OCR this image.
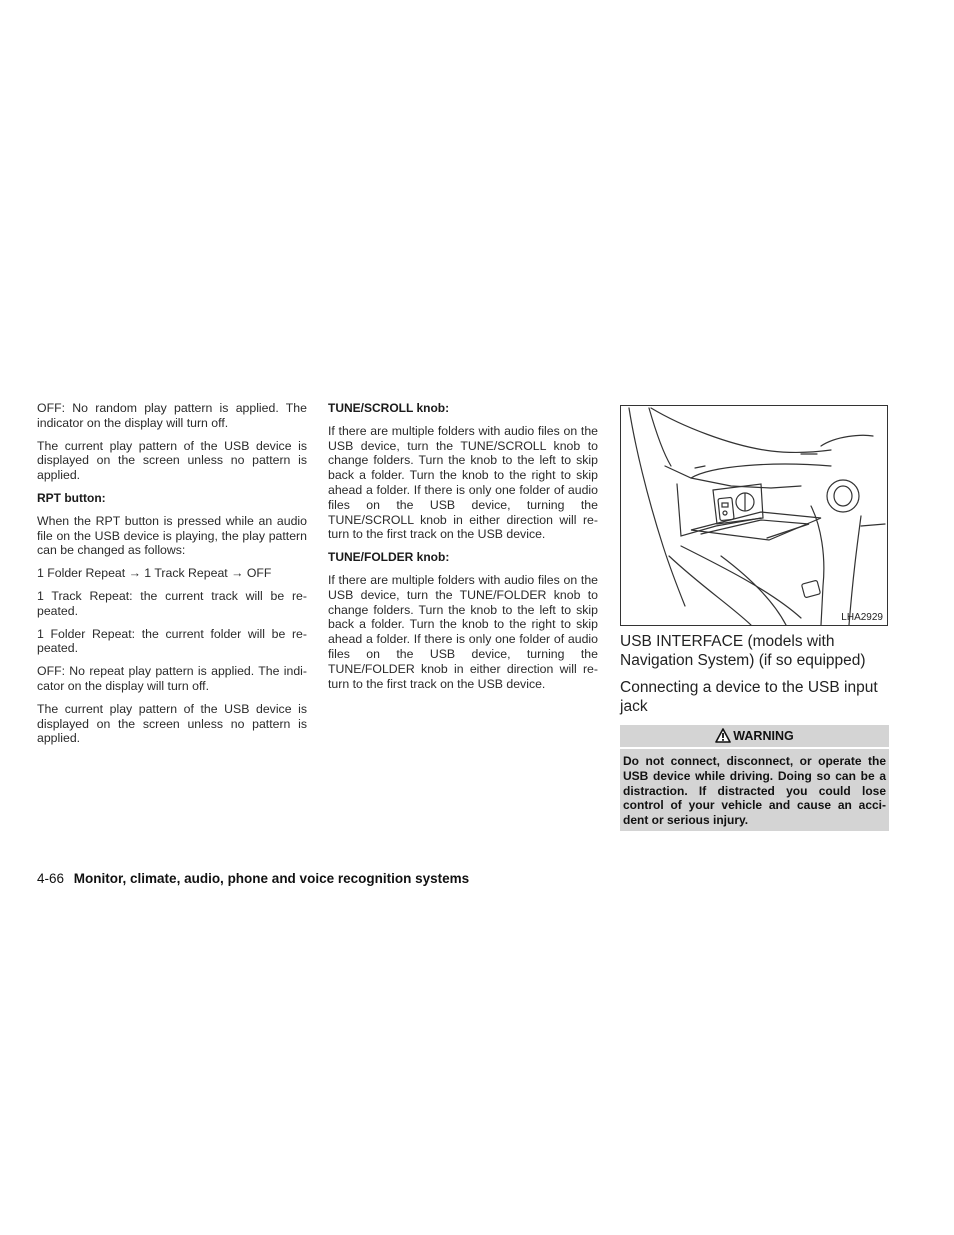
OFF: No random play pattern is applied. The indicator on the display will turn off.

The current play pattern of the USB device is displayed on the screen unless no pattern is applied.

RPT button:

When the RPT button is pressed while an audio file on the USB device is playing, the play pattern can be changed as follows:

1 Folder Repeat → 1 Track Repeat → OFF

1 Track Repeat: the current track will be re-peated.

1 Folder Repeat: the current folder will be re-peated.

OFF: No repeat play pattern is applied. The indi-cator on the display will turn off.

The current play pattern of the USB device is displayed on the screen unless no pattern is applied.

TUNE/SCROLL knob:

If there are multiple folders with audio files on the USB device, turn the TUNE/SCROLL knob to change folders. Turn the knob to the left to skip back a folder. Turn the knob to the right to skip ahead a folder. If there is only one folder of audio files on the USB device, turning the TUNE/SCROLL knob in either direction will re-turn to the first track on the USB device.

TUNE/FOLDER knob:

If there are multiple folders with audio files on the USB device, turn the TUNE/FOLDER knob to change folders. Turn the knob to the left to skip back a folder. Turn the knob to the right to skip ahead a folder. If there is only one folder of audio files on the USB device, turning the TUNE/FOLDER knob in either direction will re-turn to the first track on the USB device.

LHA2929
USB INTERFACE (models with Navigation System) (if so equipped)
Connecting a device to the USB input jack
WARNING
Do not connect, disconnect, or operate the USB device while driving. Doing so can be a distraction. If distracted you could lose control of your vehicle and cause an acci-dent or serious injury.
4-66 Monitor, climate, audio, phone and voice recognition systems
